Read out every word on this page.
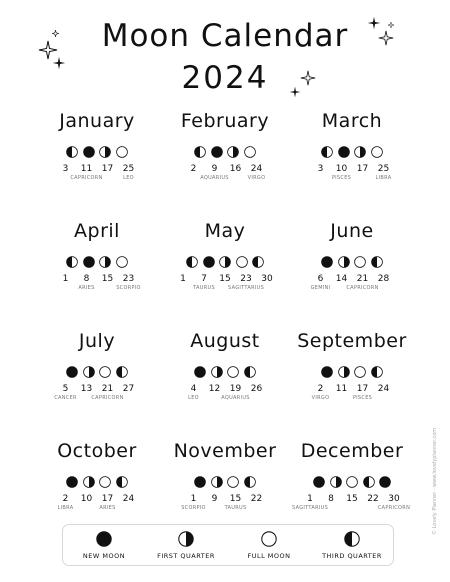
Moon Calendar
2024
January
3	11
CAPRICORN
17	25
LEO
February
2	9
AQUARIUS
16	24
VIRGO
March
3	10
PISCES
17	25
LIBRA
April
1	8
ARIES
15	23
SCORPIO
May
1	7
TAURUS
15	23
SAGITTARIUS
30
June
6
GEMINI
14	21
CAPRICORN
28
July
5
CANCER
13	21
CAPRICORN
27
August
4
LEO
12	19
AQUARIUS
26
September
2
VIRGO
11	17
PISCES
24
October
2
LIBRA
10	17
ARIES
24
November
1
SCORPIO
9	15
TAURUS
22
December
1
SAGITTARIUS
8	15	22	30
CAPRICORN
NEW MOON	FIRST QUARTER	FULL MOON	THIRD QUARTER
© Lovely Planner · www.lovelyplanner.com
